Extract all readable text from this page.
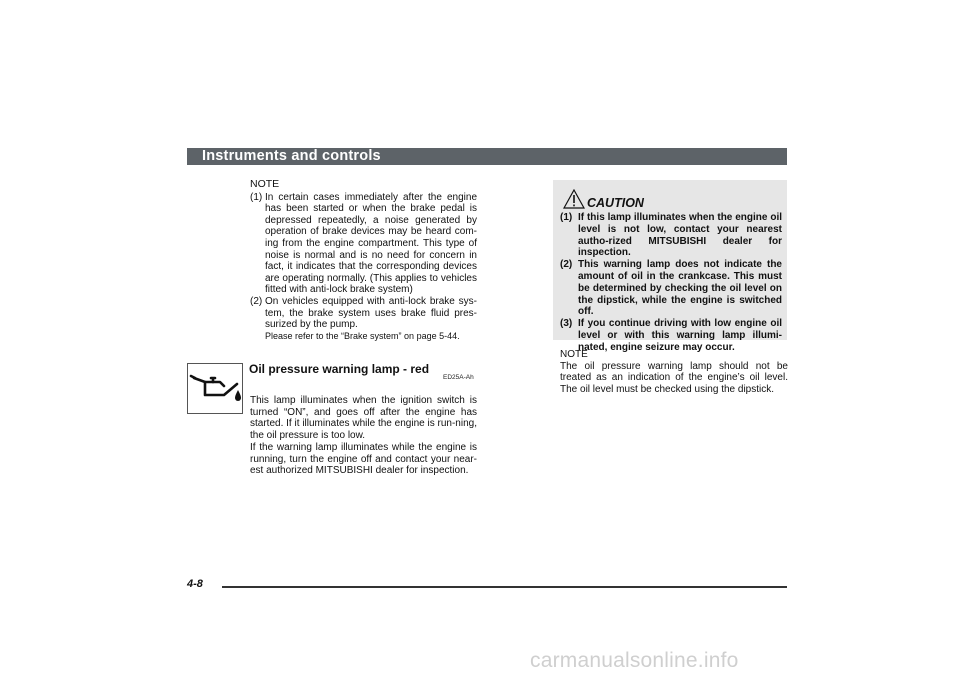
Instruments and controls
NOTE
(1) In certain cases immediately after the engine has been started or when the brake pedal is depressed repeatedly, a noise generated by operation of brake devices may be heard com-ing from the engine compartment. This type of noise is normal and is no need for concern in fact, it indicates that the corresponding devices are operating normally. (This applies to vehicles fitted with anti-lock brake system)
(2) On vehicles equipped with anti-lock brake sys-tem, the brake system uses brake fluid pres-surized by the pump.
Please refer to the “Brake system” on page 5-44.
Oil pressure warning lamp - red
ED25A-Ah
This lamp illuminates when the ignition switch is turned “ON”, and goes off after the engine has started. If it illuminates while the engine is run-ning, the oil pressure is too low.
If the warning lamp illuminates while the engine is running, turn the engine off and contact your near-est authorized MITSUBISHI dealer for inspection.
CAUTION
(1) If this lamp illuminates when the engine oil level is not low, contact your nearest autho-rized MITSUBISHI dealer for inspection.
(2) This warning lamp does not indicate the amount of oil in the crankcase. This must be determined by checking the oil level on the dipstick, while the engine is switched off.
(3) If you continue driving with low engine oil level or with this warning lamp illumi-nated, engine seizure may occur.
NOTE
The oil pressure warning lamp should not be treated as an indication of the engine’s oil level. The oil level must be checked using the dipstick.
4-8
carmanualsonline.info
